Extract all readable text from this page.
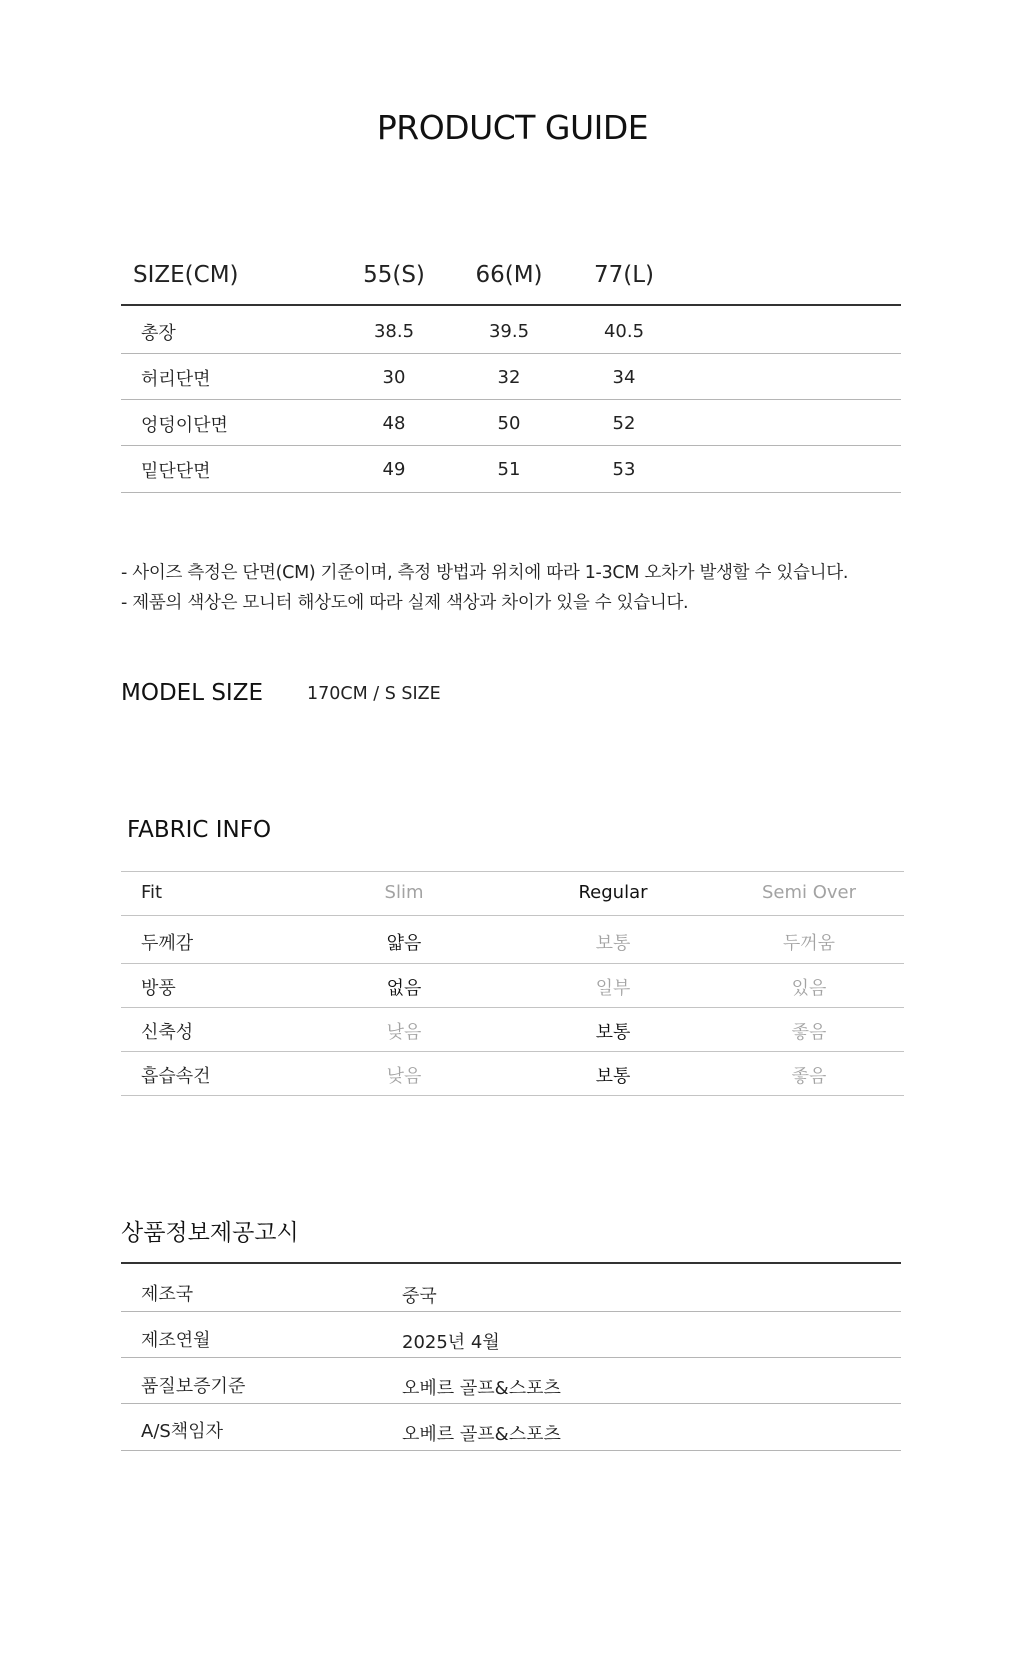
PRODUCT GUIDE
SIZE(CM)	55(S)	66(M)	77(L)
총장	38.5	39.5	40.5
허리단면	30	32	34
엉덩이단면	48	50	52
밑단단면	49	51	53
- 사이즈 측정은 단면(CM) 기준이며, 측정 방법과 위치에 따라 1-3CM 오차가 발생할 수 있습니다.
- 제품의 색상은 모니터 해상도에 따라 실제 색상과 차이가 있을 수 있습니다.
MODEL SIZE	170CM / S SIZE
FABRIC INFO
Fit	Slim	Regular	Semi Over
두께감	얇음	보통	두꺼움
방풍	없음	일부	있음
신축성	낮음	보통	좋음
흡습속건	낮음	보통	좋음
상품정보제공고시
제조국	중국
제조연월	2025년 4월
품질보증기준	오베르 골프&스포츠
A/S책임자	오베르 골프&스포츠
